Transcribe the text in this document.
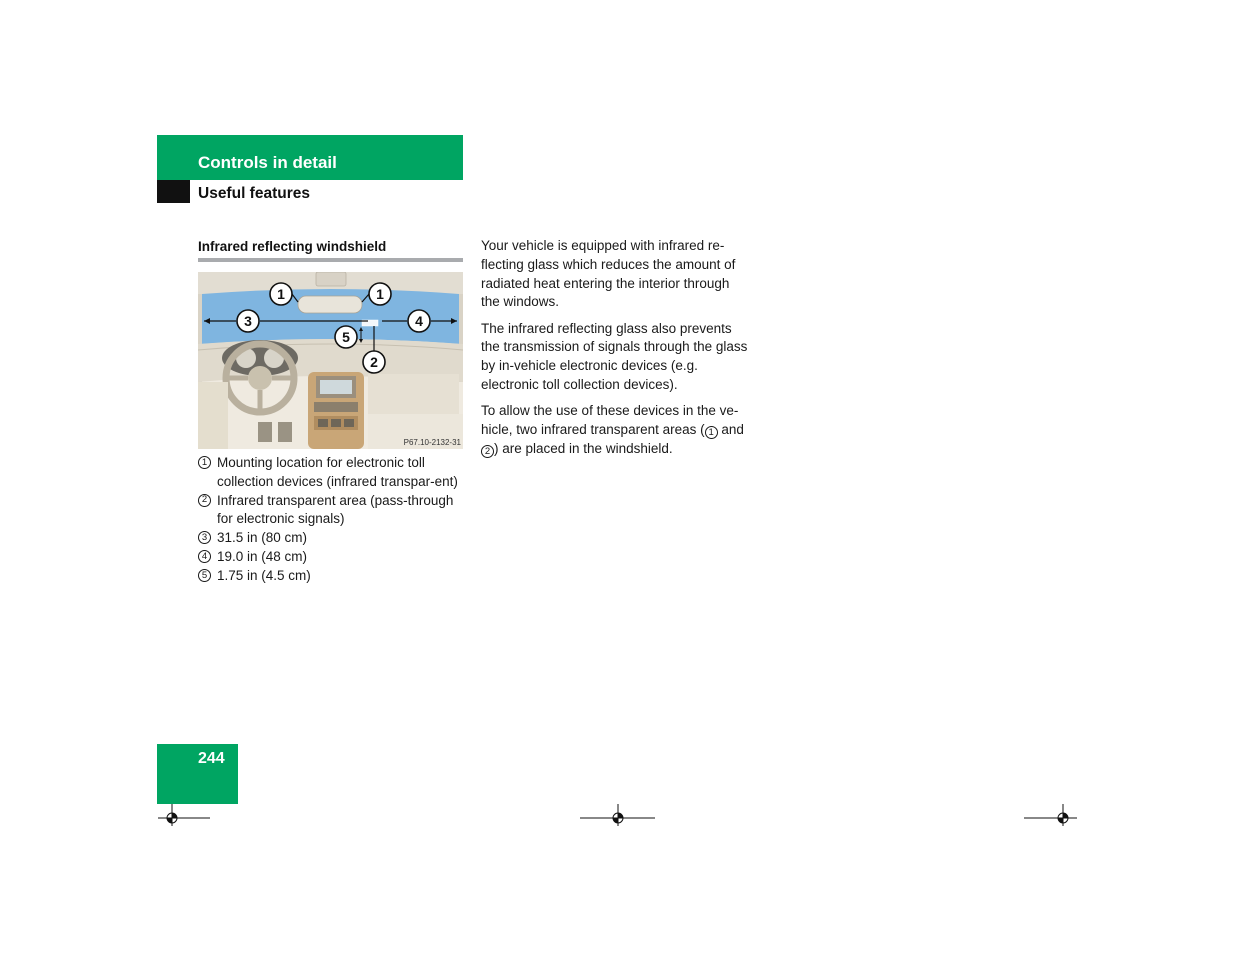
Controls in detail
Useful features
Infrared reflecting windshield
1	1
2
3	4
5
P67.10-2132-31
1 Mounting location for electronic toll collection devices (infrared transpar-ent)
2 Infrared transparent area (pass-through for electronic signals)
3 31.5 in (80 cm)
4 19.0 in (48 cm)
5 1.75 in (4.5 cm)

Your vehicle is equipped with infrared re-flecting glass which reduces the amount of radiated heat entering the interior through the windows.

The infrared reflecting glass also prevents the transmission of signals through the glass by in-vehicle electronic devices (e.g. electronic toll collection devices).

To allow the use of these devices in the ve-hicle, two infrared transparent areas ( 1 and 2 ) are placed in the windshield.

244
